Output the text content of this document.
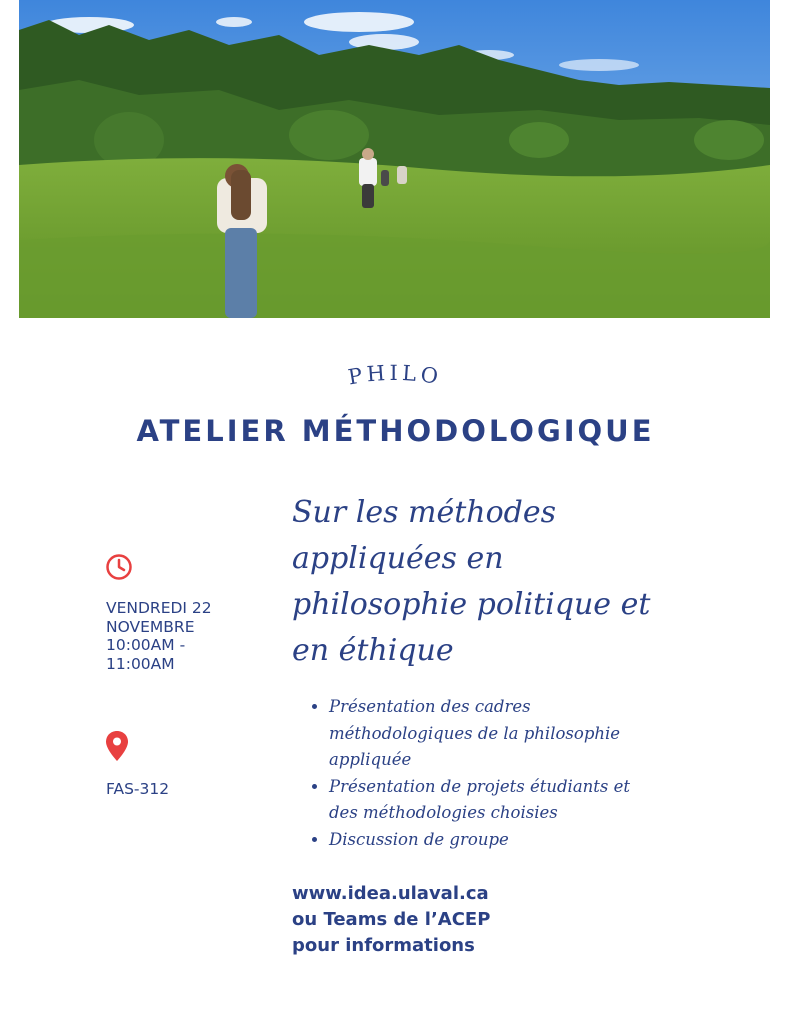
PHILO
ATELIER MÉTHODOLOGIQUE
VENDREDI 22
NOVEMBRE
10:00AM -
11:00AM
FAS-312
Sur les méthodes
appliquées en
philosophie politique et
en éthique
• Présentation des cadres
méthodologiques de la philosophie
appliquée
• Présentation de projets étudiants et
des méthodologies choisies
• Discussion de groupe
www.idea.ulaval.ca
ou Teams de l’ACEP
pour informations
